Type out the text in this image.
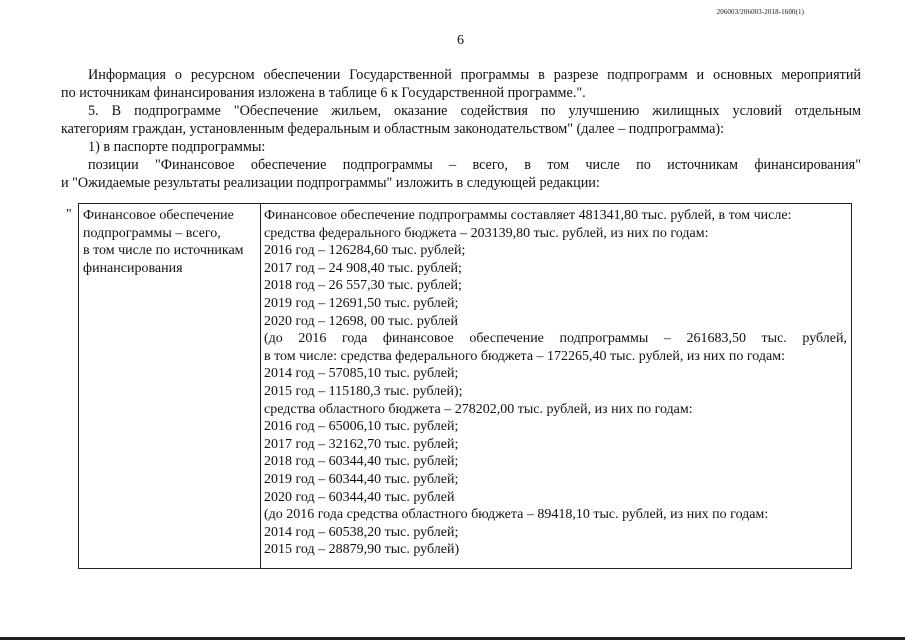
206003/206003-2018-1600(1)
6

Информация о ресурсном обеспечении Государственной программы в разрезе подпрограмм и основных мероприятий

по источникам финансирования изложена в таблице 6 к Государственной программе.".

5. В подпрограмме "Обеспечение жильем, оказание содействия по улучшению жилищных условий отдельным

категориям граждан, установленным федеральным и областным законодательством" (далее – подпрограмма):

1) в паспорте подпрограммы:

позиции "Финансовое обеспечение подпрограммы – всего, в том числе по источникам финансирования"

и "Ожидаемые результаты реализации подпрограммы" изложить в следующей редакции:

" Финансовое обеспечение
подпрограммы – всего,
в том числе по источникам
финансирования
Финансовое обеспечение подпрограммы составляет 481341,80 тыс. рублей, в том числе:
средства федерального бюджета – 203139,80 тыс. рублей, из них по годам:
2016 год – 126284,60 тыс. рублей;
2017 год – 24 908,40 тыс. рублей;
2018 год – 26 557,30 тыс. рублей;
2019 год – 12691,50 тыс. рублей;
2020 год – 12698, 00 тыс. рублей
(до 2016 года финансовое обеспечение подпрограммы – 261683,50 тыс. рублей,
в том числе: средства федерального бюджета – 172265,40 тыс. рублей, из них по годам:
2014 год – 57085,10 тыс. рублей;
2015 год – 115180,3 тыс. рублей);
средства областного бюджета – 278202,00 тыс. рублей, из них по годам:
2016 год – 65006,10 тыс. рублей;
2017 год – 32162,70 тыс. рублей;
2018 год – 60344,40 тыс. рублей;
2019 год – 60344,40 тыс. рублей;
2020 год – 60344,40 тыс. рублей
(до 2016 года средства областного бюджета – 89418,10 тыс. рублей, из них по годам:
2014 год – 60538,20 тыс. рублей;
2015 год – 28879,90 тыс. рублей)
